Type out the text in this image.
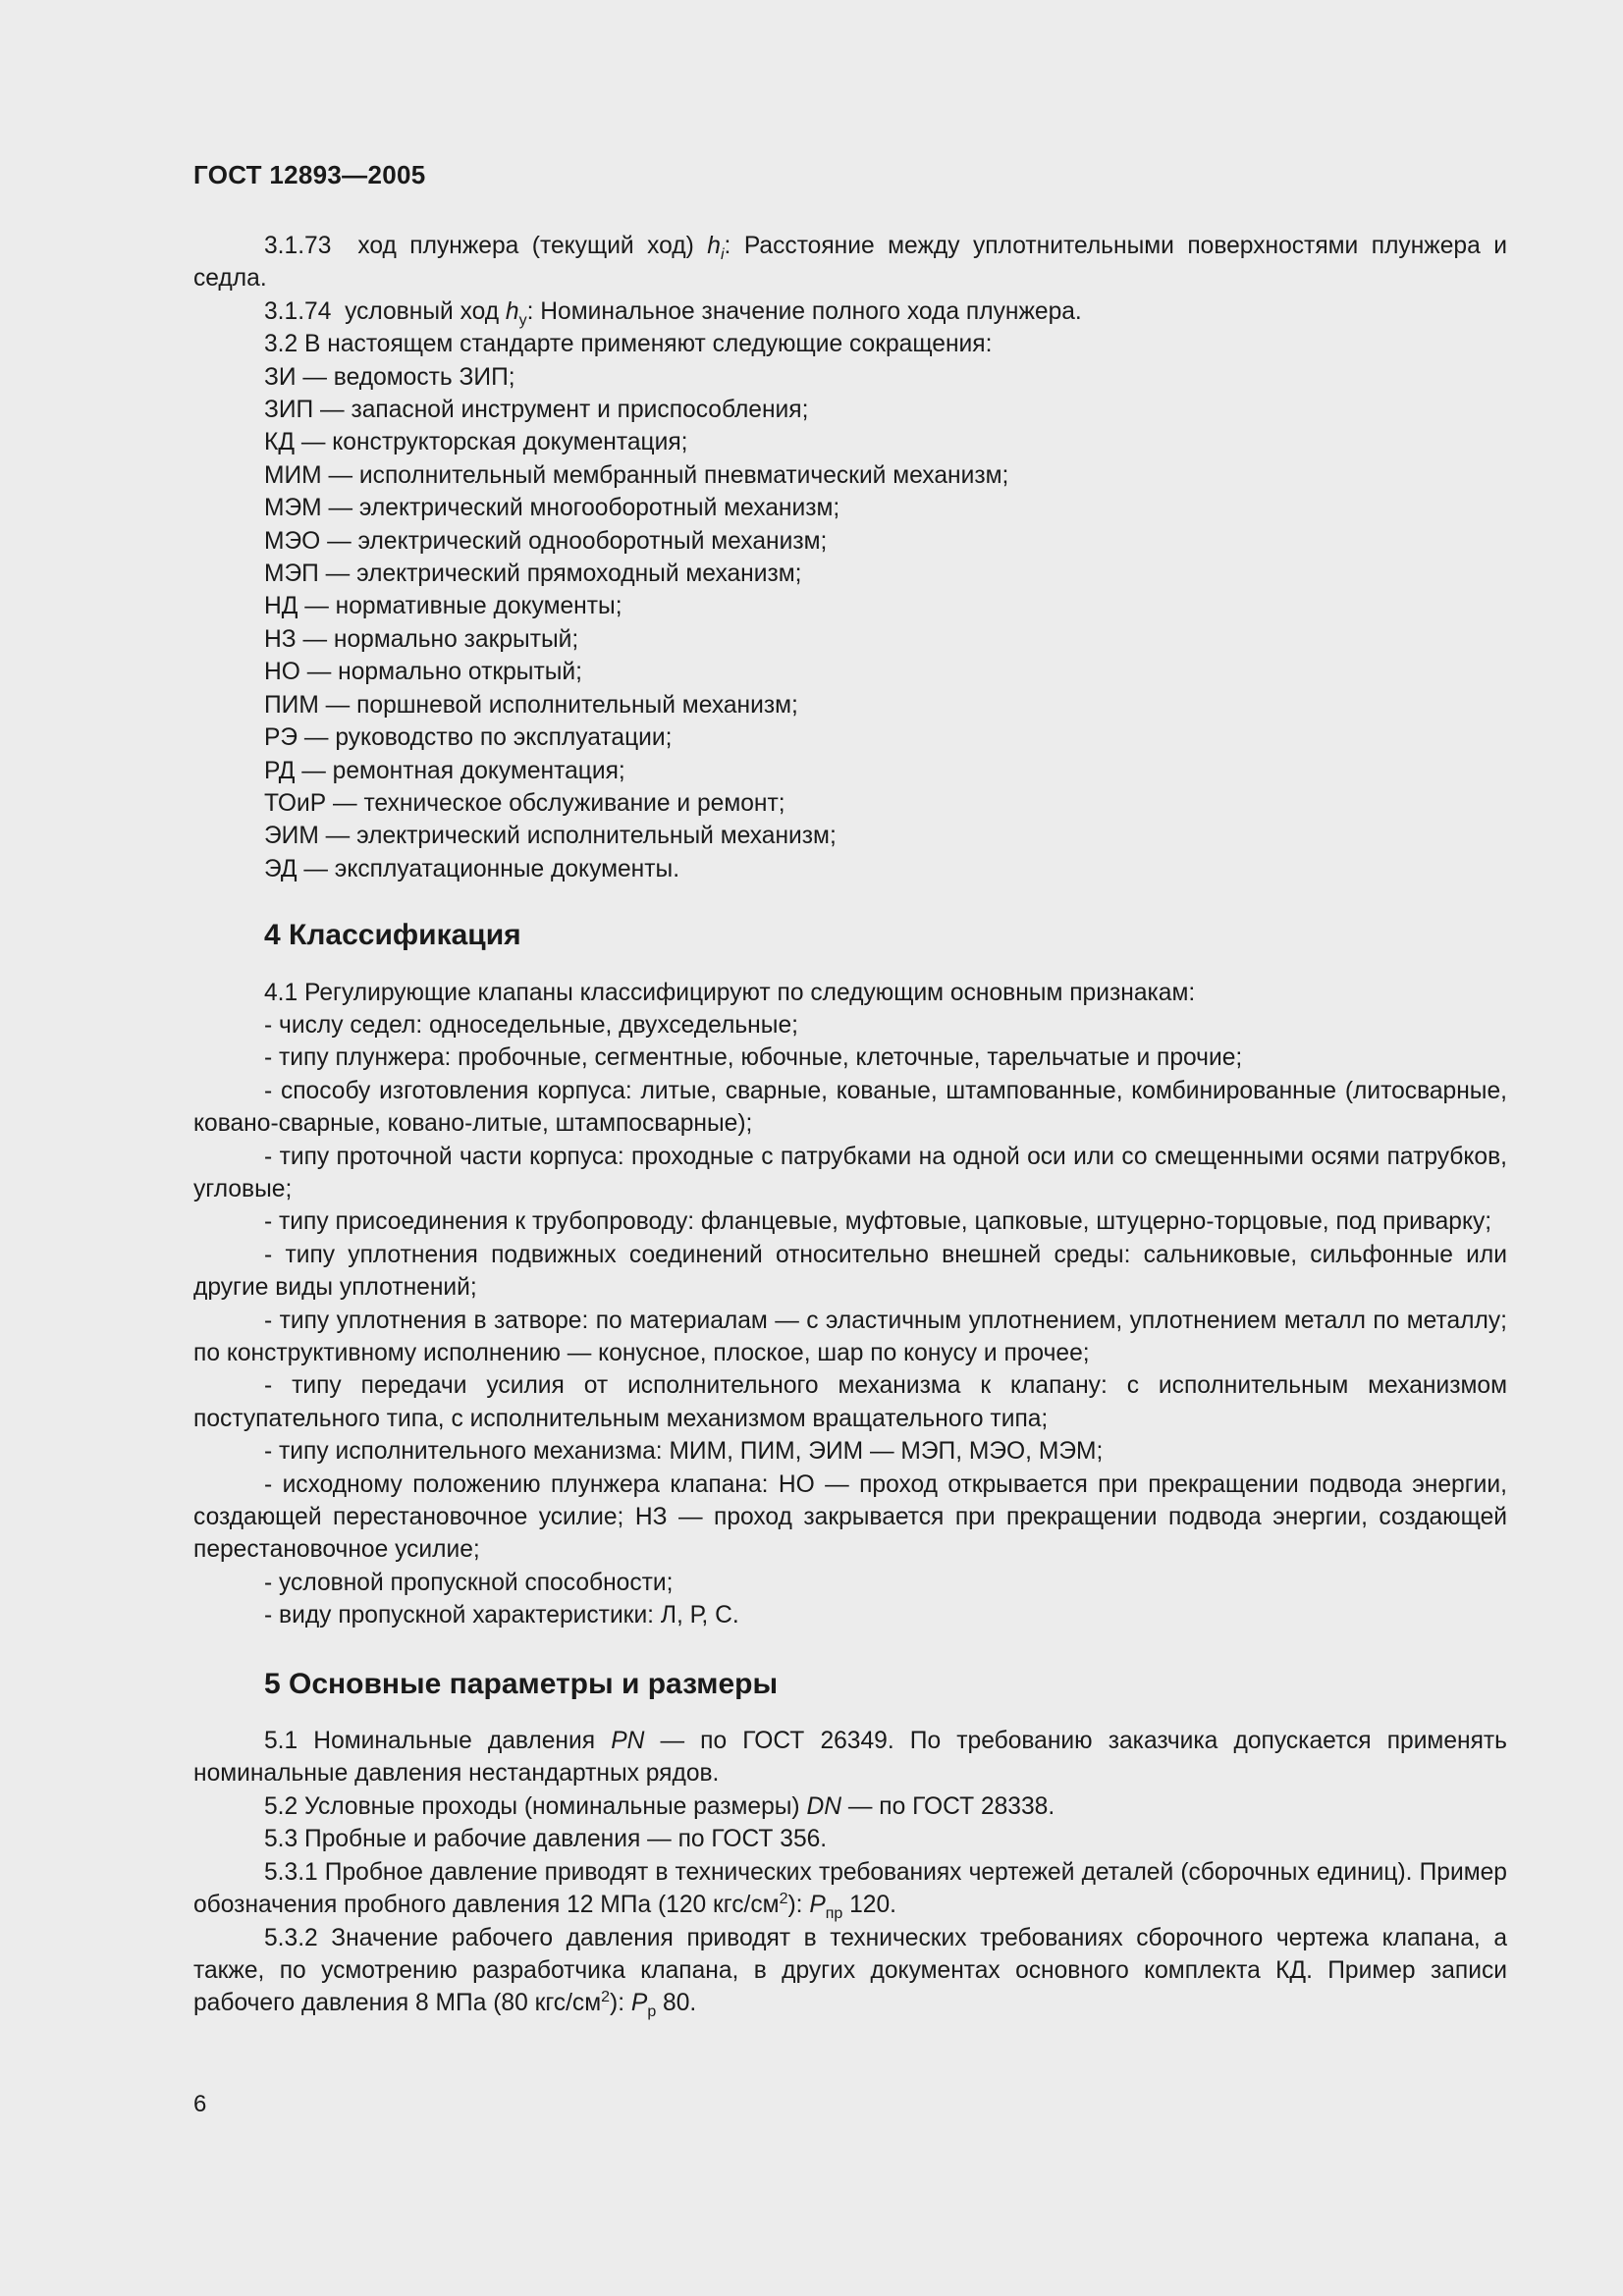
ГОСТ 12893—2005

3.1.73 ход плунжера (текущий ход) $h_i$: Расстояние между уплотнительными поверхностями плунжера и седла.

3.1.74 условный ход $h_у$: Номинальное значение полного хода плунжера.

3.2 В настоящем стандарте применяют следующие сокращения:

ЗИ — ведомость ЗИП;

ЗИП — запасной инструмент и приспособления;

КД — конструкторская документация;

МИМ — исполнительный мембранный пневматический механизм;

МЭМ — электрический многооборотный механизм;

МЭО — электрический однооборотный механизм;

МЭП — электрический прямоходный механизм;

НД — нормативные документы;

НЗ — нормально закрытый;

НО — нормально открытый;

ПИМ — поршневой исполнительный механизм;

РЭ — руководство по эксплуатации;

РД — ремонтная документация;

ТОиР — техническое обслуживание и ремонт;

ЭИМ — электрический исполнительный механизм;

ЭД — эксплуатационные документы.

4 Классификация

4.1 Регулирующие клапаны классифицируют по следующим основным признакам:

- числу седел: односедельные, двухседельные;

- типу плунжера: пробочные, сегментные, юбочные, клеточные, тарельчатые и прочие;

- способу изготовления корпуса: литые, сварные, кованые, штампованные, комбинированные (литосварные, ковано-сварные, ковано-литые, штампосварные);

- типу проточной части корпуса: проходные с патрубками на одной оси или со смещенными осями патрубков, угловые;

- типу присоединения к трубопроводу: фланцевые, муфтовые, цапковые, штуцерно-торцовые, под приварку;

- типу уплотнения подвижных соединений относительно внешней среды: сальниковые, сильфонные или другие виды уплотнений;

- типу уплотнения в затворе: по материалам — с эластичным уплотнением, уплотнением металл по металлу; по конструктивному исполнению — конусное, плоское, шар по конусу и прочее;

- типу передачи усилия от исполнительного механизма к клапану: с исполнительным механизмом поступательного типа, с исполнительным механизмом вращательного типа;

- типу исполнительного механизма: МИМ, ПИМ, ЭИМ — МЭП, МЭО, МЭМ;

- исходному положению плунжера клапана: НО — проход открывается при прекращении подвода энергии, создающей перестановочное усилие; НЗ — проход закрывается при прекращении подвода энергии, создающей перестановочное усилие;

- условной пропускной способности;

- виду пропускной характеристики: Л, Р, С.

5 Основные параметры и размеры

5.1 Номинальные давления PN — по ГОСТ 26349. По требованию заказчика допускается применять номинальные давления нестандартных рядов.

5.2 Условные проходы (номинальные размеры) DN — по ГОСТ 28338.

5.3 Пробные и рабочие давления — по ГОСТ 356.

5.3.1 Пробное давление приводят в технических требованиях чертежей деталей (сборочных единиц). Пример обозначения пробного давления 12 МПа (120 кгс/$см^2$): $P_{пр}$ 120.

5.3.2 Значение рабочего давления приводят в технических требованиях сборочного чертежа клапана, а также, по усмотрению разработчика клапана, в других документах основного комплекта КД. Пример записи рабочего давления 8 МПа (80 кгс/$см^2$): $P_р$ 80.

6
